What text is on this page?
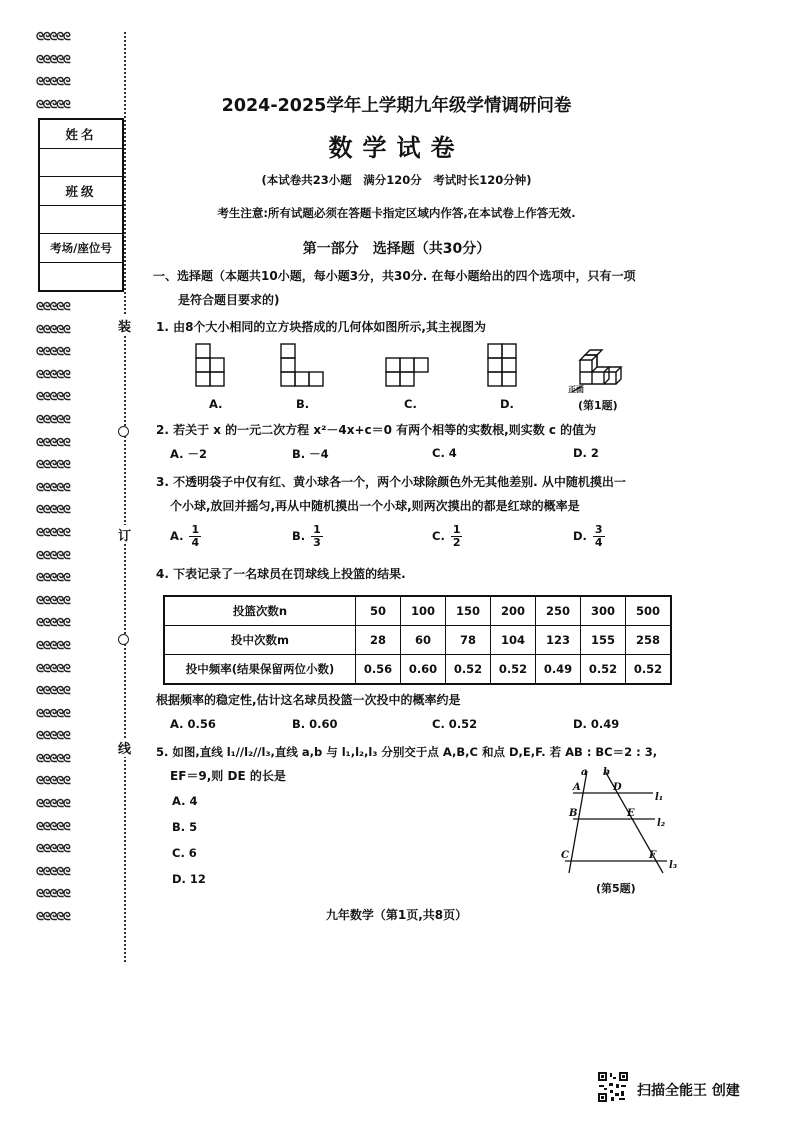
ᘓᘓᘓᘓᘓ
ᘓᘓᘓᘓᘓ
ᘓᘓᘓᘓᘓ
ᘓᘓᘓᘓᘓ
ᘓᘓᘓᘓᘓ
ᘓᘓᘓᘓᘓ
ᘓᘓᘓᘓᘓ
ᘓᘓᘓᘓᘓ
ᘓᘓᘓᘓᘓ
ᘓᘓᘓᘓᘓ
ᘓᘓᘓᘓᘓ
ᘓᘓᘓᘓᘓ
ᘓᘓᘓᘓᘓ
ᘓᘓᘓᘓᘓ
ᘓᘓᘓᘓᘓ
ᘓᘓᘓᘓᘓ
ᘓᘓᘓᘓᘓ
ᘓᘓᘓᘓᘓ
ᘓᘓᘓᘓᘓ
ᘓᘓᘓᘓᘓ
ᘓᘓᘓᘓᘓ
ᘓᘓᘓᘓᘓ
ᘓᘓᘓᘓᘓ
ᘓᘓᘓᘓᘓ
ᘓᘓᘓᘓᘓ
ᘓᘓᘓᘓᘓ
ᘓᘓᘓᘓᘓ
ᘓᘓᘓᘓᘓ
ᘓᘓᘓᘓᘓ
ᘓᘓᘓᘓᘓ
ᘓᘓᘓᘓᘓ
ᘓᘓᘓᘓᘓ
装
订
线
姓名
班级
考场/座位号
2024-2025学年上学期九年级学情调研问卷
数学试卷
(本试卷共23小题　满分120分　考试时长120分钟)
考生注意:所有试题必须在答题卡指定区域内作答,在本试卷上作答无效.
第一部分　选择题（共30分）
一、选择题（本题共10小题，每小题3分，共30分. 在每小题给出的四个选项中，只有一项
是符合题目要求的)
1. 由8个大小相同的立方块搭成的几何体如图所示,其主视图为
A.	B.	C.	D.
正面
(第1题)
2. 若关于 x 的一元二次方程 x²－4x+c＝0 有两个相等的实数根,则实数 c 的值为
A. －2	B. －4	C. 4	D. 2
3. 不透明袋子中仅有红、黄小球各一个，两个小球除颜色外无其他差别. 从中随机摸出一
个小球,放回并摇匀,再从中随机摸出一个小球,则两次摸出的都是红球的概率是
A. $\frac{1}{4}$	B. $\frac{1}{3}$	C. $\frac{1}{2}$	D. $\frac{3}{4}$
4. 下表记录了一名球员在罚球线上投篮的结果.
投篮次数n	50	100	150	200	250	300	500
投中次数m	28	60	78	104	123	155	258
投中频率(结果保留两位小数)	0.56	0.60	0.52	0.52	0.49	0.52	0.52
根据频率的稳定性,估计这名球员投篮一次投中的概率约是
A. 0.56	B. 0.60	C. 0.52	D. 0.49
5. 如图,直线 l₁//l₂//l₃,直线 a,b 与 l₁,l₂,l₃ 分别交于点 A,B,C 和点 D,E,F. 若 AB : BC＝2 : 3,
EF＝9,则 DE 的长是
A. 4
B. 5
C. 6
D. 12
a b
A	D
B	E
C	F
l₁
l₂
l₃
(第5题)
九年数学（第1页,共8页）
扫描全能王 创建
